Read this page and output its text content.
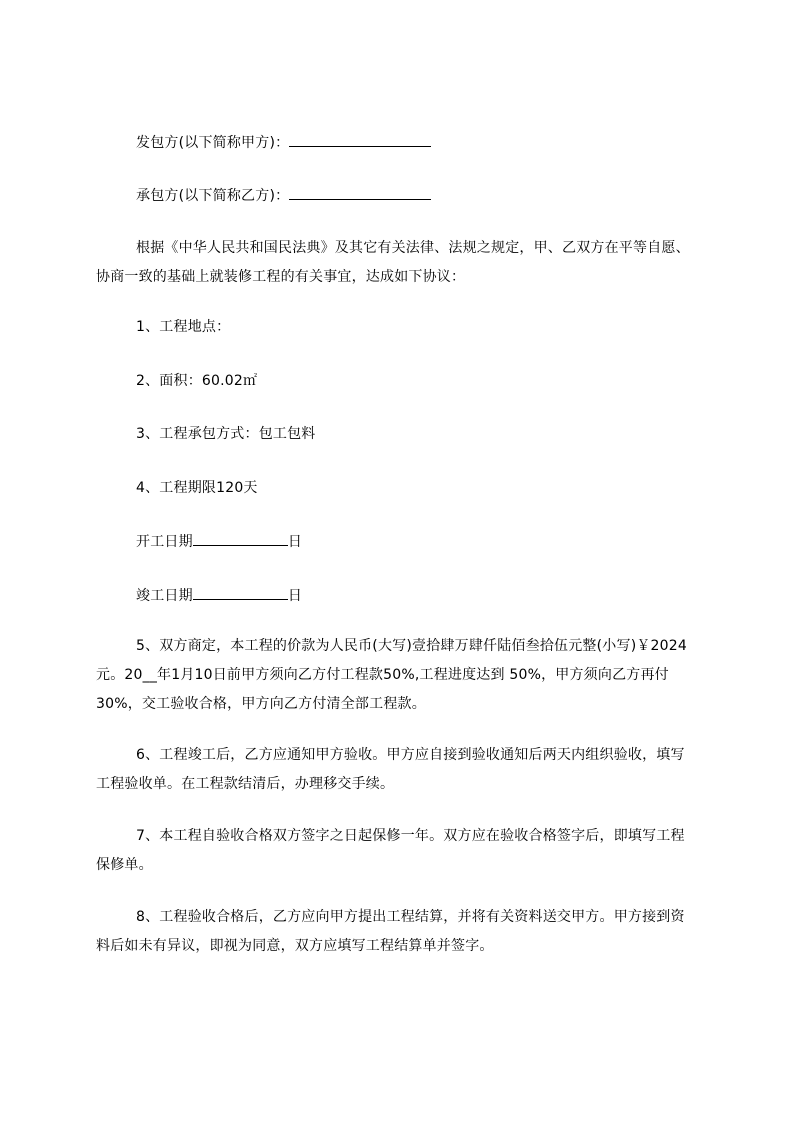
发包方(以下简称甲方)：
承包方(以下简称乙方)：
根据《中华人民共和国民法典》及其它有关法律、法规之规定，甲、乙双方在平等自愿、协商一致的基础上就装修工程的有关事宜，达成如下协议：
1、工程地点：
2、面积：60.02㎡
3、工程承包方式：包工包料
4、工程期限120天
开工日期	日
竣工日期	日
5、双方商定，本工程的价款为人民币(大写)壹拾肆万肆仟陆佰叁拾伍元整(小写)￥2024元。20__年1月10日前甲方须向乙方付工程款50%,工程进度达到 50%，甲方须向乙方再付30%，交工验收合格，甲方向乙方付清全部工程款。
6、工程竣工后，乙方应通知甲方验收。甲方应自接到验收通知后两天内组织验收，填写工程验收单。在工程款结清后，办理移交手续。
7、本工程自验收合格双方签字之日起保修一年。双方应在验收合格签字后，即填写工程保修单。
8、工程验收合格后，乙方应向甲方提出工程结算，并将有关资料送交甲方。甲方接到资料后如未有异议，即视为同意，双方应填写工程结算单并签字。
